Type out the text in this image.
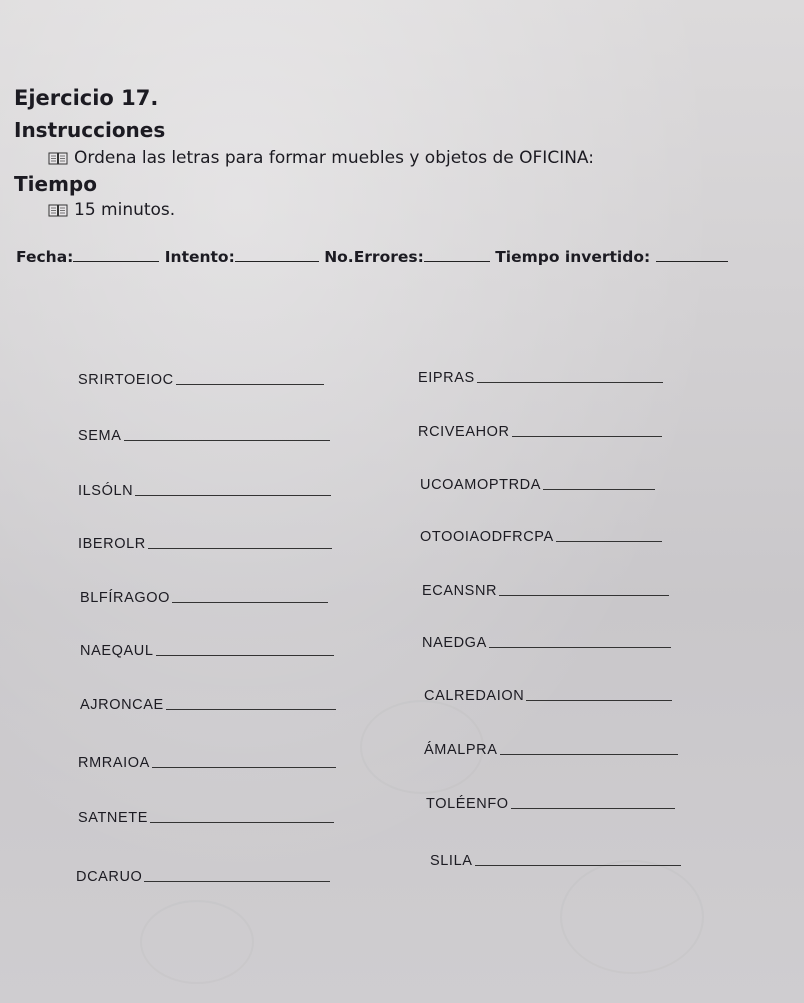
Ejercicio 17.
Instrucciones
Ordena las letras para formar muebles y objetos de OFICINA:
Tiempo
15 minutos.
Fecha:	Intento:	No.Errores:	Tiempo invertido:
SRIRTOEIOC
SEMA
ILSÓLN
IBEROLR
BLFÍRAGOO
NAEQAUL
AJRONCAE
RMRAIOA
SATNETE
DCARUO
EIPRAS
RCIVEAHOR
UCOAMOPTRDA
OTOOIAODFRCPA
ECANSNR
NAEDGA
CALREDAION
ÁMALPRA
TOLÉENFO
SLILA
